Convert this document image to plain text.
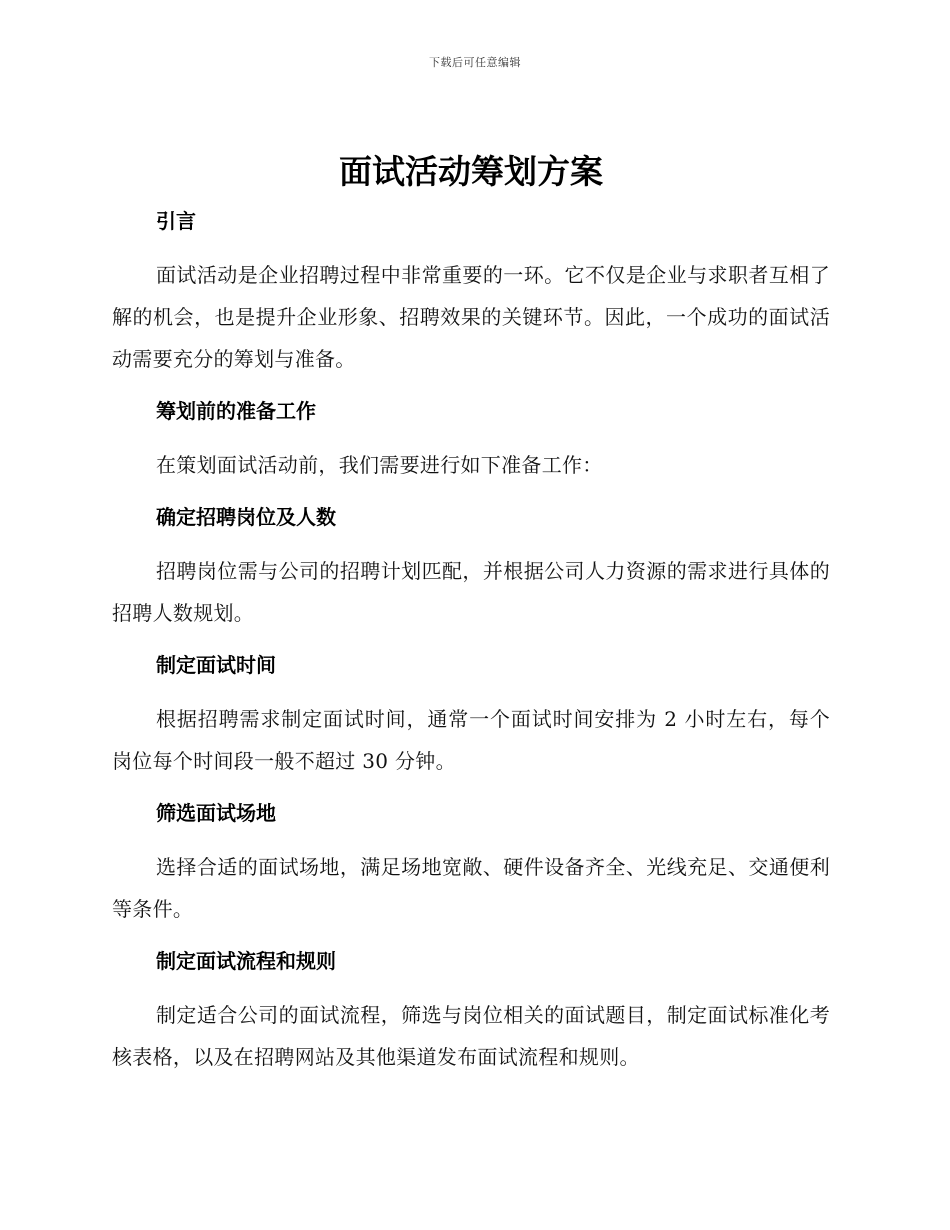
下载后可任意编辑
面试活动筹划方案
引言

面试活动是企业招聘过程中非常重要的一环。它不仅是企业与求职者互相了解的机会，也是提升企业形象、招聘效果的关键环节。因此，一个成功的面试活动需要充分的筹划与准备。

筹划前的准备工作

在策划面试活动前，我们需要进行如下准备工作：

确定招聘岗位及人数

招聘岗位需与公司的招聘计划匹配，并根据公司人力资源的需求进行具体的招聘人数规划。

制定面试时间

根据招聘需求制定面试时间，通常一个面试时间安排为 2 小时左右，每个岗位每个时间段一般不超过 30 分钟。

筛选面试场地

选择合适的面试场地，满足场地宽敞、硬件设备齐全、光线充足、交通便利等条件。

制定面试流程和规则

制定适合公司的面试流程，筛选与岗位相关的面试题目，制定面试标准化考核表格，以及在招聘网站及其他渠道发布面试流程和规则。
